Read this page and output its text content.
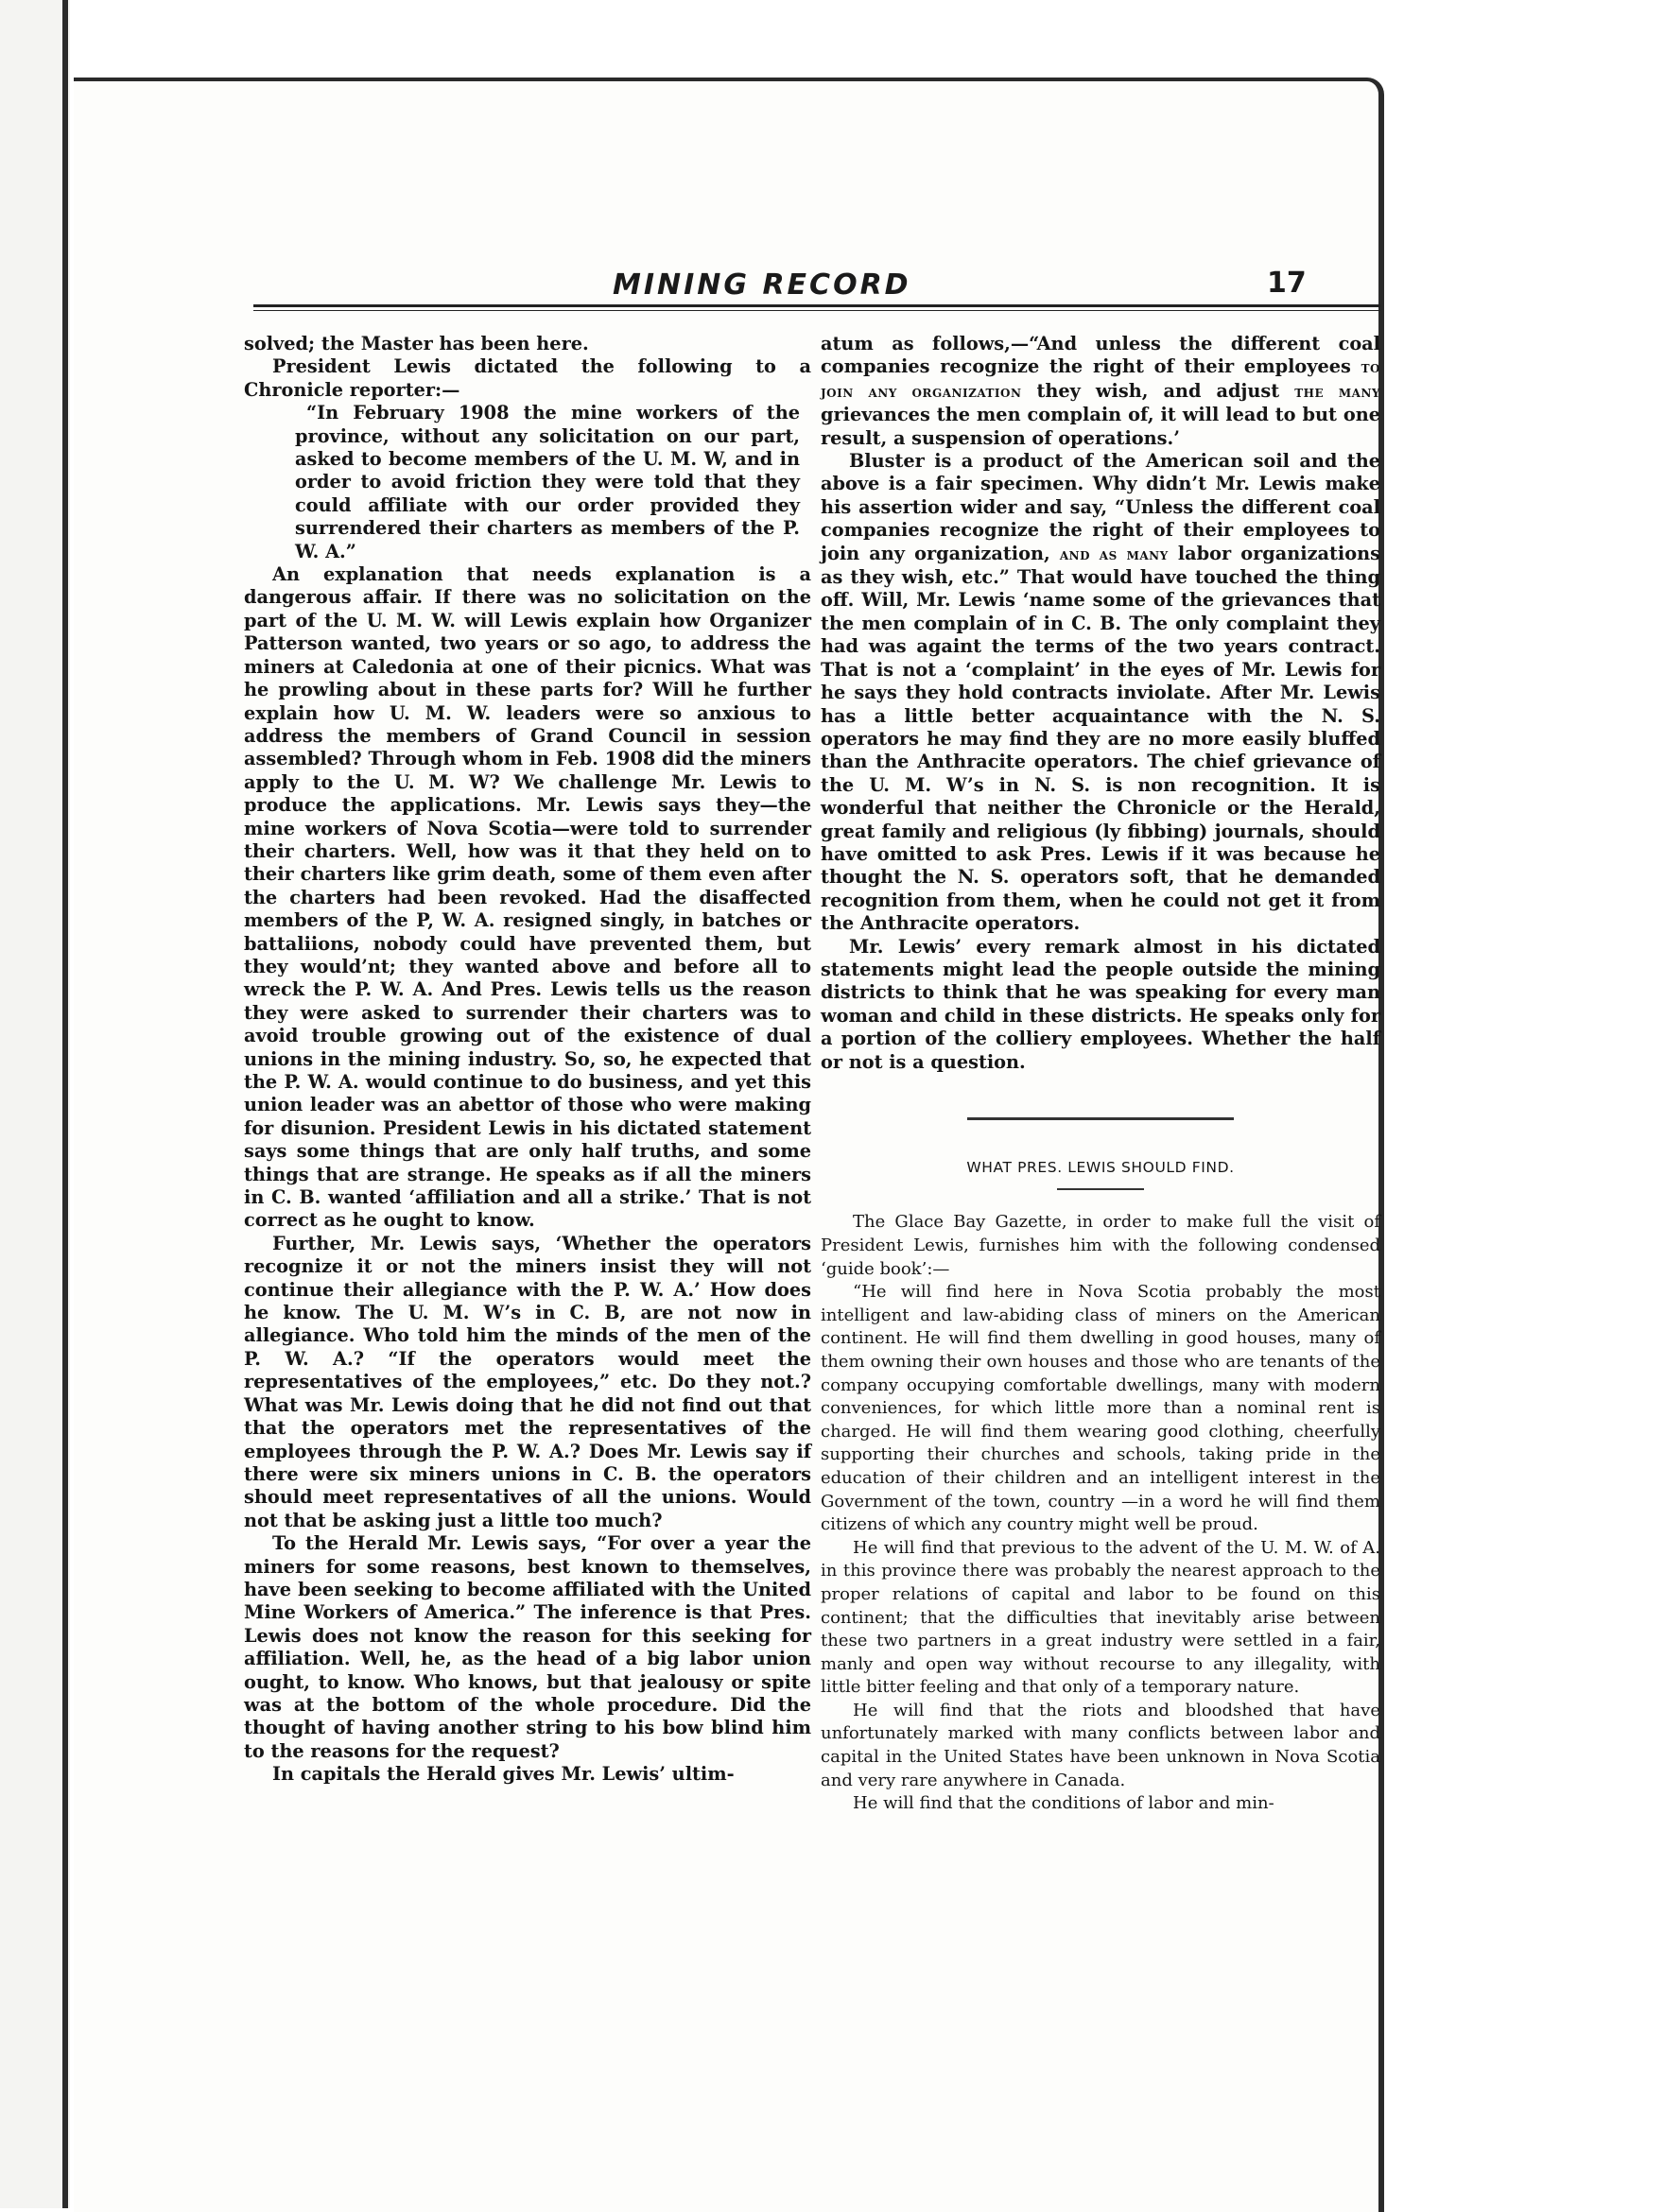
MINING RECORD	17

solved; the Master has been here.

President Lewis dictated the following to a Chronicle reporter:—

“In February 1908 the mine workers of the province, without any solicitation on our part, asked to become members of the U. M. W, and in order to avoid friction they were told that they could affiliate with our order provided they surrendered their charters as members of the P. W. A.”

An explanation that needs explanation is a dangerous affair. If there was no solicitation on the part of the U. M. W. will Lewis explain how Organizer Patterson wanted, two years or so ago, to address the miners at Caledonia at one of their picnics. What was he prowling about in these parts for? Will he further explain how U. M. W. leaders were so anxious to address the members of Grand Council in session assembled? Through whom in Feb. 1908 did the miners apply to the U. M. W? We challenge Mr. Lewis to produce the applications. Mr. Lewis says they—the mine workers of Nova Scotia—were told to surrender their charters. Well, how was it that they held on to their charters like grim death, some of them even after the charters had been revoked. Had the disaffected members of the P, W. A. resigned singly, in batches or battaliions, nobody could have prevented them, but they would’nt; they wanted above and before all to wreck the P. W. A. And Pres. Lewis tells us the reason they were asked to surrender their charters was to avoid trouble growing out of the existence of dual unions in the mining industry. So, so, he expected that the P. W. A. would continue to do business, and yet this union leader was an abettor of those who were making for disunion. President Lewis in his dictated statement says some things that are only half truths, and some things that are strange. He speaks as if all the miners in C. B. wanted ‘affiliation and all a strike.’ That is not correct as he ought to know.

Further, Mr. Lewis says, ‘Whether the operators recognize it or not the miners insist they will not continue their allegiance with the P. W. A.’ How does he know. The U. M. W’s in C. B, are not now in allegiance. Who told him the minds of the men of the P. W. A.? “If the operators would meet the representatives of the employees,” etc. Do they not.? What was Mr. Lewis doing that he did not find out that that the operators met the representatives of the employees through the P. W. A.? Does Mr. Lewis say if there were six miners unions in C. B. the operators should meet representatives of all the unions. Would not that be asking just a little too much?

To the Herald Mr. Lewis says, “For over a year the miners for some reasons, best known to themselves, have been seeking to become affiliated with the United Mine Workers of America.” The inference is that Pres. Lewis does not know the reason for this seeking for affiliation. Well, he, as the head of a big labor union ought, to know. Who knows, but that jealousy or spite was at the bottom of the whole procedure. Did the thought of having another string to his bow blind him to the reasons for the request?

In capitals the Herald gives Mr. Lewis’ ultim-

atum as follows,—“And unless the different coal companies recognize the right of their employees to join any organization they wish, and adjust the many grievances the men complain of, it will lead to but one result, a suspension of operations.’

Bluster is a product of the American soil and the above is a fair specimen. Why didn’t Mr. Lewis make his assertion wider and say, “Unless the different coal companies recognize the right of their employees to join any organization, and as many labor organizations as they wish, etc.” That would have touched the thing off. Will, Mr. Lewis ‘name some of the grievances that the men complain of in C. B. The only complaint they had was againt the terms of the two years contract. That is not a ‘complaint’ in the eyes of Mr. Lewis for he says they hold contracts inviolate. After Mr. Lewis has a little better acquaintance with the N. S. operators he may find they are no more easily bluffed than the Anthracite operators. The chief grievance of the U. M. W’s in N. S. is non recognition. It is wonderful that neither the Chronicle or the Herald, great family and religious (ly fibbing) journals, should have omitted to ask Pres. Lewis if it was because he thought the N. S. operators soft, that he demanded recognition from them, when he could not get it from the Anthracite operators.

Mr. Lewis’ every remark almost in his dictated statements might lead the people outside the mining districts to think that he was speaking for every man woman and child in these districts. He speaks only for a portion of the colliery employees. Whether the half or not is a question.

WHAT PRES. LEWIS SHOULD FIND.

The Glace Bay Gazette, in order to make full the visit of President Lewis, furnishes him with the following condensed ‘guide book’:—

“He will find here in Nova Scotia probably the most intelligent and law-abiding class of miners on the American continent. He will find them dwelling in good houses, many of them owning their own houses and those who are tenants of the company occupying comfortable dwellings, many with modern conveniences, for which little more than a nominal rent is charged. He will find them wearing good clothing, cheerfully supporting their churches and schools, taking pride in the education of their children and an intelligent interest in the Government of the town, country —in a word he will find them citizens of which any country might well be proud.

He will find that previous to the advent of the U. M. W. of A. in this province there was probably the nearest approach to the proper relations of capital and labor to be found on this continent; that the difficulties that inevitably arise between these two partners in a great industry were settled in a fair, manly and open way without recourse to any illegality, with little bitter feeling and that only of a temporary nature.

He will find that the riots and bloodshed that have unfortunately marked with many conflicts between labor and capital in the United States have been unknown in Nova Scotia and very rare anywhere in Canada.

He will find that the conditions of labor and min-
